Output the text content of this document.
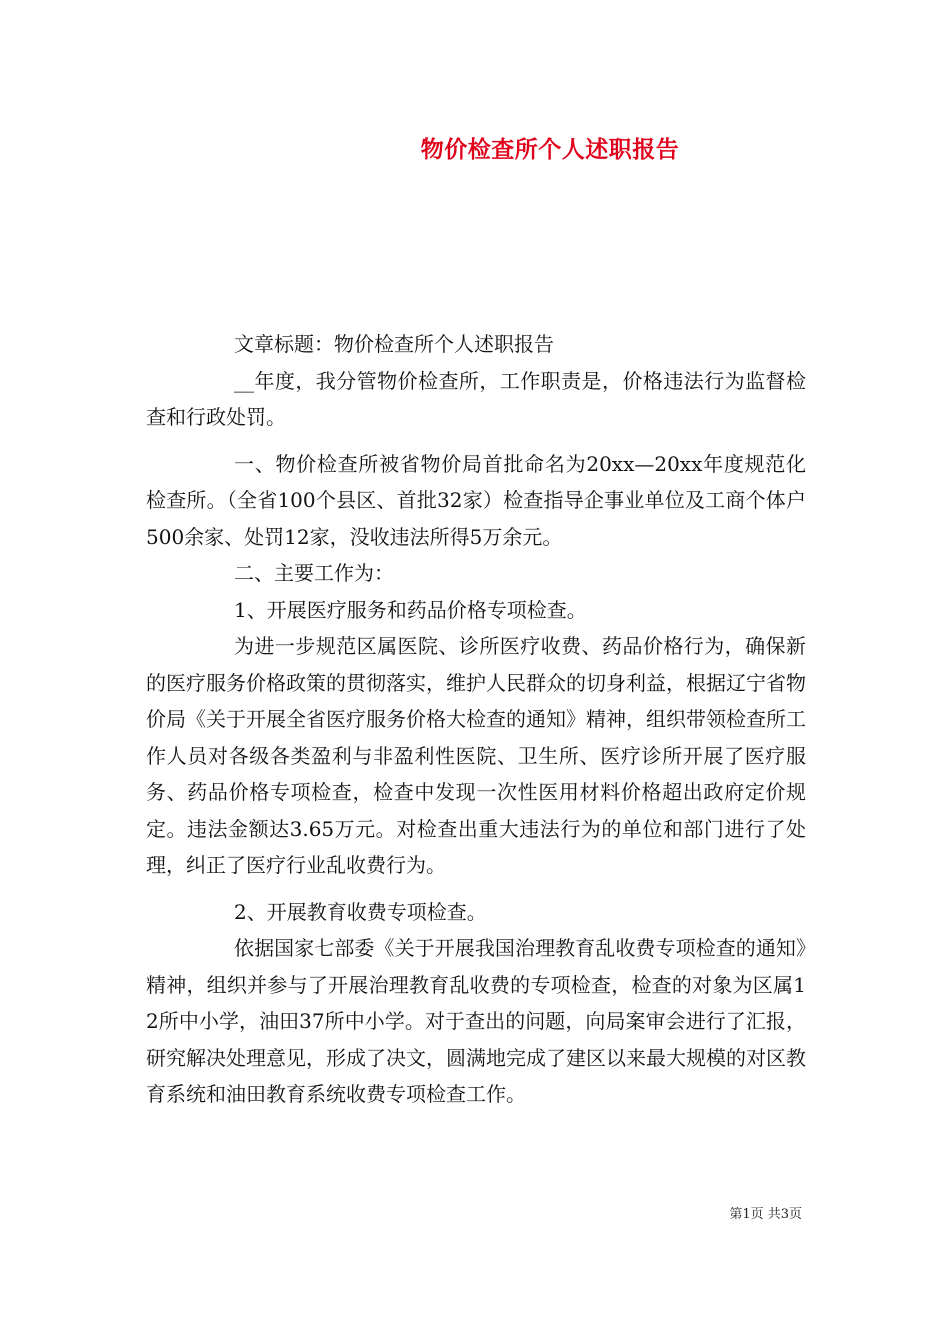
物价检查所个人述职报告

文章标题：物价检查所个人述职报告

__年度，我分管物价检查所，工作职责是，价格违法行为监督检查和行政处罚。

一、物价检查所被省物价局首批命名为20xx—20xx年度规范化检查所。（全省100个县区、首批32家）检查指导企事业单位及工商个体户500余家、处罚12家，没收违法所得5万余元。

二、主要工作为：

1、开展医疗服务和药品价格专项检查。

为进一步规范区属医院、诊所医疗收费、药品价格行为，确保新的医疗服务价格政策的贯彻落实，维护人民群众的切身利益，根据辽宁省物价局《关于开展全省医疗服务价格大检查的通知》精神，组织带领检查所工作人员对各级各类盈利与非盈利性医院、卫生所、医疗诊所开展了医疗服务、药品价格专项检查，检查中发现一次性医用材料价格超出政府定价规定。违法金额达3.65万元。对检查出重大违法行为的单位和部门进行了处理，纠正了医疗行业乱收费行为。

2、开展教育收费专项检查。

依据国家七部委《关于开展我国治理教育乱收费专项检查的通知》精神，组织并参与了开展治理教育乱收费的专项检查，检查的对象为区属12所中小学，油田37所中小学。对于查出的问题，向局案审会进行了汇报，研究解决处理意见，形成了决文，圆满地完成了建区以来最大规模的对区教育系统和油田教育系统收费专项检查工作。

第1页 共3页
